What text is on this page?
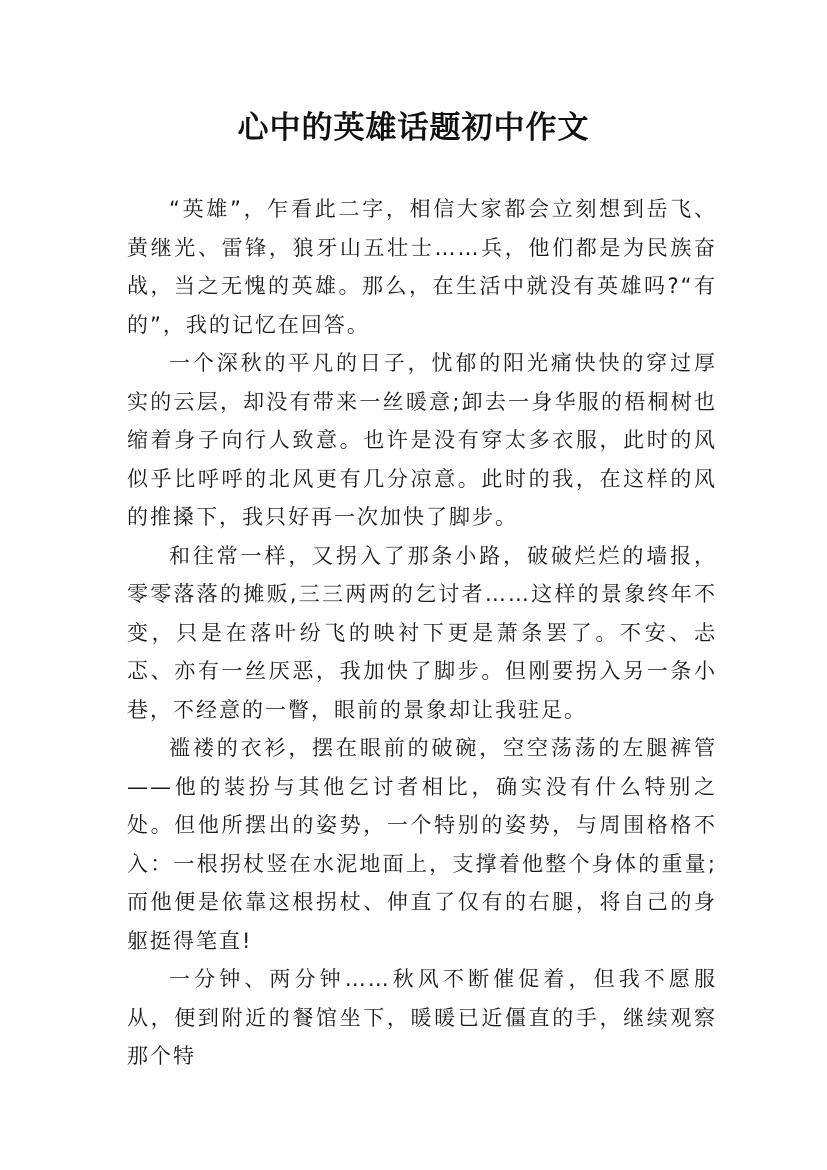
心中的英雄话题初中作文

“英雄”，乍看此二字，相信大家都会立刻想到岳飞、黄继光、雷锋，狼牙山五壮士……兵，他们都是为民族奋战，当之无愧的英雄。那么，在生活中就没有英雄吗?“有的”，我的记忆在回答。

一个深秋的平凡的日子，忧郁的阳光痛快快的穿过厚实的云层，却没有带来一丝暖意;卸去一身华服的梧桐树也缩着身子向行人致意。也许是没有穿太多衣服，此时的风似乎比呼呼的北风更有几分凉意。此时的我，在这样的风的推搡下，我只好再一次加快了脚步。

和往常一样，又拐入了那条小路，破破烂烂的墙报，零零落落的摊贩,三三两两的乞讨者……这样的景象终年不变，只是在落叶纷飞的映衬下更是萧条罢了。不安、忐忑、亦有一丝厌恶，我加快了脚步。但刚要拐入另一条小巷，不经意的一瞥，眼前的景象却让我驻足。

褴褛的衣衫，摆在眼前的破碗，空空荡荡的左腿裤管——他的装扮与其他乞讨者相比，确实没有什么特别之处。但他所摆出的姿势，一个特别的姿势，与周围格格不入：一根拐杖竖在水泥地面上，支撑着他整个身体的重量;而他便是依靠这根拐杖、伸直了仅有的右腿，将自己的身躯挺得笔直!

一分钟、两分钟……秋风不断催促着，但我不愿服从，便到附近的餐馆坐下，暖暖已近僵直的手，继续观察那个特
